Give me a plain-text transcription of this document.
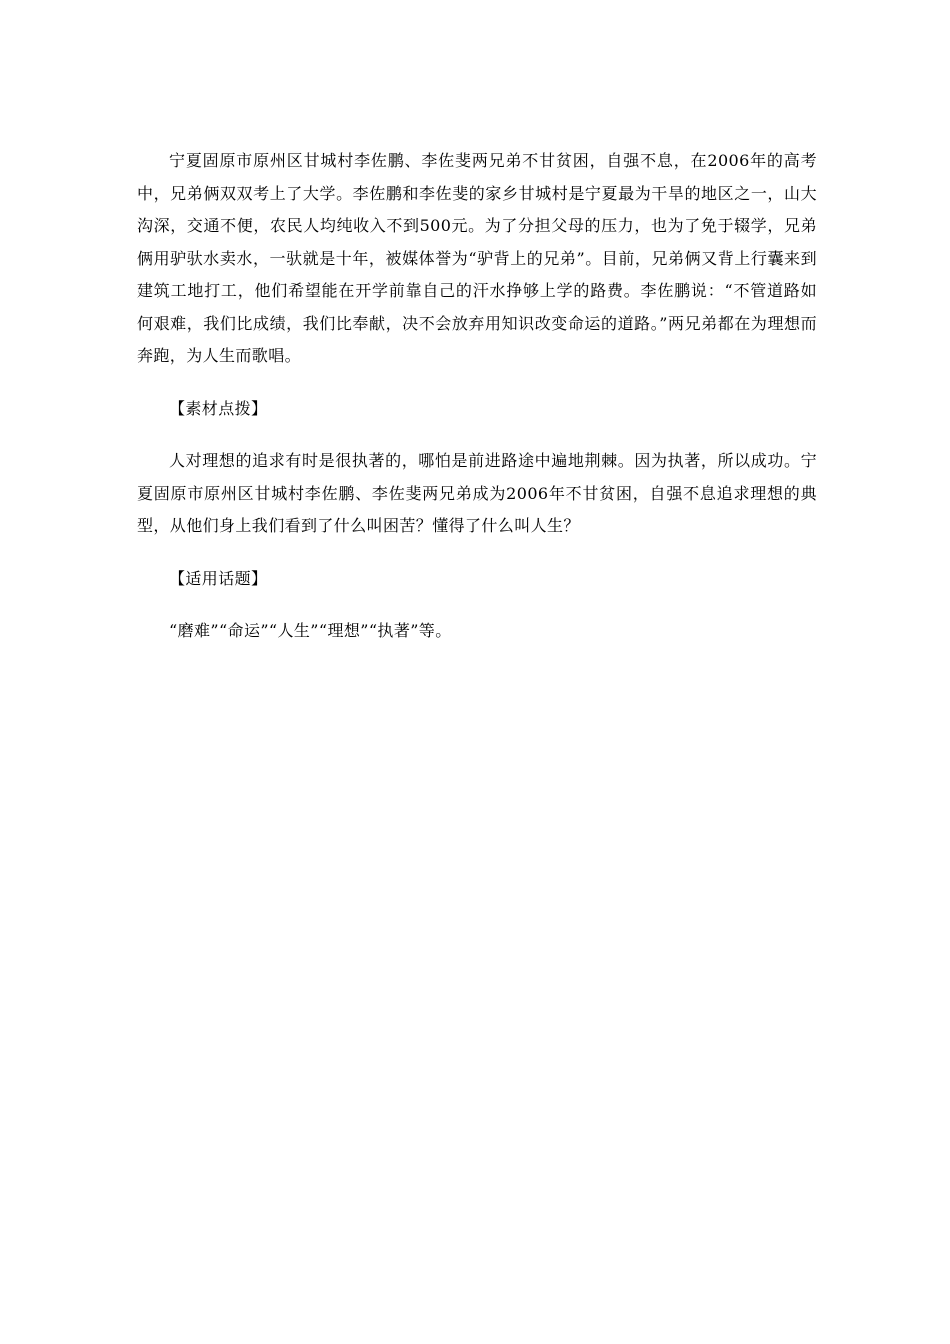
宁夏固原市原州区甘城村李佐鹏、李佐斐两兄弟不甘贫困，自强不息，在2006年的高考中，兄弟俩双双考上了大学。李佐鹏和李佐斐的家乡甘城村是宁夏最为干旱的地区之一，山大沟深，交通不便，农民人均纯收入不到500元。为了分担父母的压力，也为了免于辍学，兄弟俩用驴驮水卖水，一驮就是十年，被媒体誉为“驴背上的兄弟”。目前，兄弟俩又背上行囊来到建筑工地打工，他们希望能在开学前靠自己的汗水挣够上学的路费。李佐鹏说：“不管道路如何艰难，我们比成绩，我们比奉献，决不会放弃用知识改变命运的道路。”两兄弟都在为理想而奔跑，为人生而歌唱。

【素材点拨】

人对理想的追求有时是很执著的，哪怕是前进路途中遍地荆棘。因为执著，所以成功。宁夏固原市原州区甘城村李佐鹏、李佐斐两兄弟成为2006年不甘贫困，自强不息追求理想的典型，从他们身上我们看到了什么叫困苦？懂得了什么叫人生？

【适用话题】

“磨难”“命运”“人生”“理想”“执著”等。
